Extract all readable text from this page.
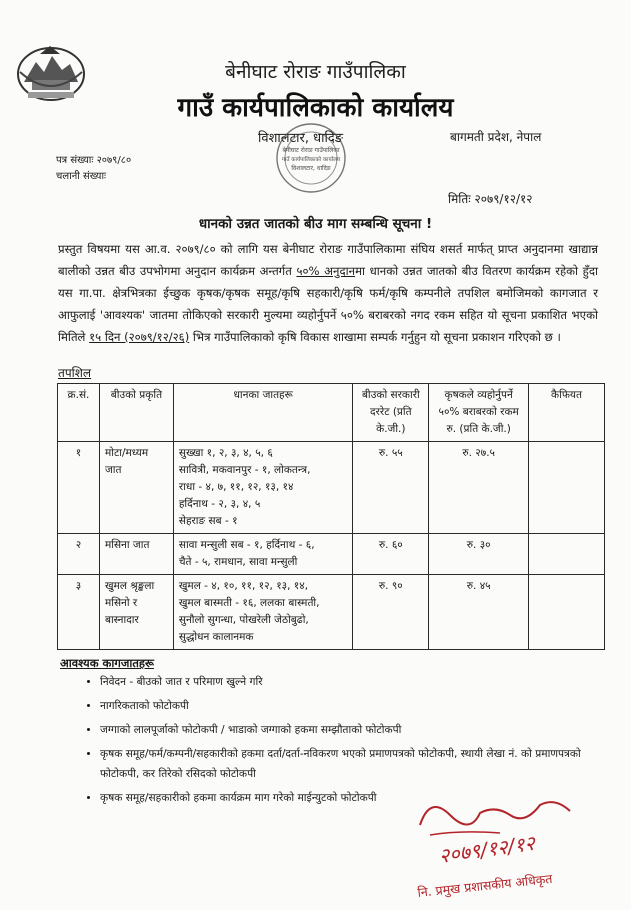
बेनीघाट रोराङ गाउँपालिका
गाउँ कार्यपालिकाको कार्यालय
विशालटार, धादिङ	बागमती प्रदेश, नेपाल
पत्र संख्याः २०७९/८०
चलानी संख्याः
मितिः २०७९/१२/१२
बेनीघाट रोराङ गाउँपालिका
गाउँ कार्यपालिकाको कार्यालय
विशालटार, धादिङ
धानको उन्नत जातको बीउ माग सम्बन्धि सूचना !
प्रस्तुत विषयमा यस आ.व. २०७९/८० को लागि यस बेनीघाट रोराङ गाउँपालिकामा संघिय शसर्त मार्फत् प्राप्त अनुदानमा खाद्यान्न बालीको उन्नत बीउ उपभोगमा अनुदान कार्यक्रम अन्तर्गत ५०% अनुदानमा धानको उन्नत जातको बीउ वितरण कार्यक्रम रहेको हुँदा यस गा.पा. क्षेत्रभित्रका ईच्छुक कृषक/कृषक समूह/कृषि सहकारी/कृषि फर्म/कृषि कम्पनीले तपशिल बमोजिमको कागजात र आफुलाई 'आवश्यक' जातमा तोकिएको सरकारी मुल्यमा व्यहोर्नुपर्ने ५०% बराबरको नगद रकम सहित यो सूचना प्रकाशित भएको मितिले १५ दिन (२०७९/१२/२६) भित्र गाउँपालिकाको कृषि विकास शाखामा सम्पर्क गर्नुहुन यो सूचना प्रकाशन गरिएको छ ।
तपशिल
क्र.सं.	बीउको प्रकृति	धानका जातहरू	बीउको सरकारी दररेट (प्रति के.जी.)	कृषकले व्यहोर्नुपर्ने ५०% बराबरको रकम रु. (प्रति के.जी.)	कैफियत
१	मोटा/मध्यम जात	सुख्खा १, २, ३, ४, ५, ६
सावित्री, मकवानपुर - १, लोकतन्त्र,
राधा - ४, ७, ११, १२, १३, १४
हर्दिनाथ - २, ३, ४, ५
सेहराङ सब - १	रु. ५५	रु. २७.५	
२	मसिना जात	सावा मन्सुली सब - १, हर्दिनाथ - ६,
चैते - ५, रामधान, सावा मन्सुली	रु. ६०	रु. ३०	
३	खुमल श्रृङ्खला मसिनो र बास्नादार	खुमल - ४, १०, ११, १२, १३, १४,
खुमल बास्मती - १६, ललका बास्मती,
सुनौलो सुगन्धा, पोखरेली जेठोबुढो,
सुद्धोधन कालानमक	रु. ९०	रु. ४५	
आवश्यक कागजातहरू
• निवेदन - बीउको जात र परिमाण खुल्ने गरि
• नागरिकताको फोटोकपी
• जग्गाको लालपूर्जाको फोटोकपी / भाडाको जग्गाको हकमा सम्झौताको फोटोकपी
• कृषक समूह/फर्म/कम्पनी/सहकारीको हकमा दर्ता/दर्ता-नविकरण भएको प्रमाणपत्रको फोटोकपी, स्थायी लेखा नं. को प्रमाणपत्रको फोटोकपी, कर तिरेको रसिदको फोटोकपी
• कृषक समूह/सहकारीको हकमा कार्यक्रम माग गरेको माईन्युटको फोटोकपी
२०७९/१२/१२
नि. प्रमुख प्रशासकीय अधिकृत
